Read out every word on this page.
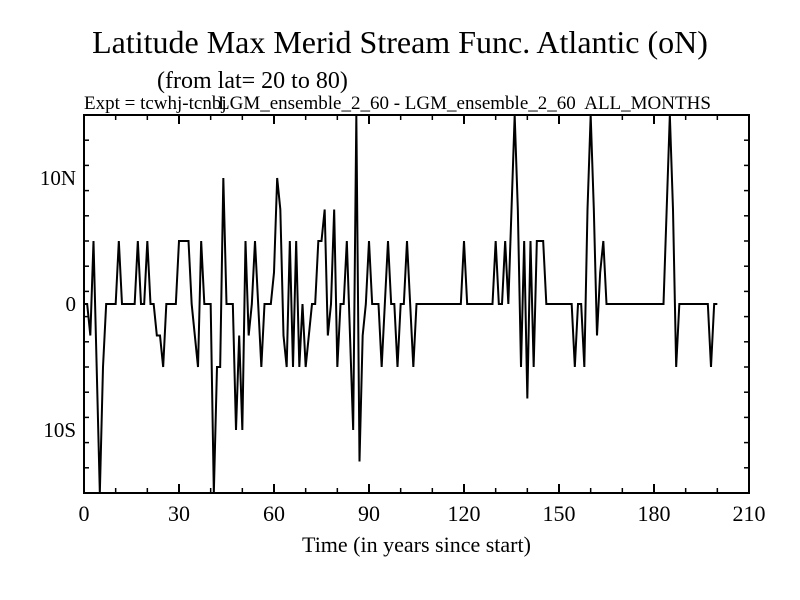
Latitude Max Merid Stream Func. Atlantic (oN)
(from lat= 20 to 80)
Expt = tcwhj-tcnbj
LGM_ensemble_2_60 - LGM_ensemble_2_60  ALL_MONTHS
0	30	60	90	120	150	180	210
10N
0
10S
Time (in years since start)
